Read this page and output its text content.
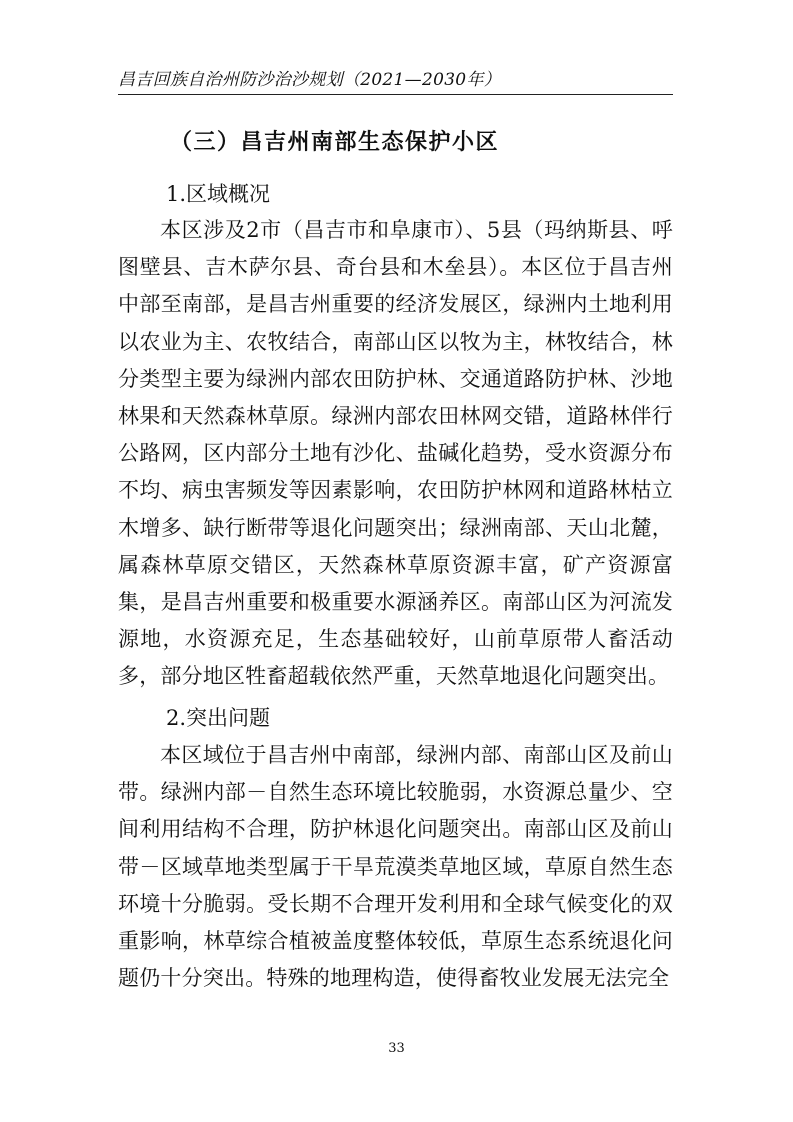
昌吉回族自治州防沙治沙规划（2021—2030年）
（三）昌吉州南部生态保护小区
1.区域概况

本区涉及2市（昌吉市和阜康市）、5县（玛纳斯县、呼图壁县、吉木萨尔县、奇台县和木垒县）。本区位于昌吉州中部至南部，是昌吉州重要的经济发展区，绿洲内土地利用以农业为主、农牧结合，南部山区以牧为主，林牧结合，林分类型主要为绿洲内部农田防护林、交通道路防护林、沙地林果和天然森林草原。绿洲内部农田林网交错，道路林伴行公路网，区内部分土地有沙化、盐碱化趋势，受水资源分布不均、病虫害频发等因素影响，农田防护林网和道路林枯立木增多、缺行断带等退化问题突出；绿洲南部、天山北麓，属森林草原交错区，天然森林草原资源丰富，矿产资源富集，是昌吉州重要和极重要水源涵养区。南部山区为河流发源地，水资源充足，生态基础较好，山前草原带人畜活动多，部分地区牲畜超载依然严重，天然草地退化问题突出。

2.突出问题

本区域位于昌吉州中南部，绿洲内部、南部山区及前山带。绿洲内部－自然生态环境比较脆弱，水资源总量少、空间利用结构不合理，防护林退化问题突出。南部山区及前山带－区域草地类型属于干旱荒漠类草地区域，草原自然生态环境十分脆弱。受长期不合理开发利用和全球气候变化的双重影响，林草综合植被盖度整体较低，草原生态系统退化问题仍十分突出。特殊的地理构造，使得畜牧业发展无法完全

33
